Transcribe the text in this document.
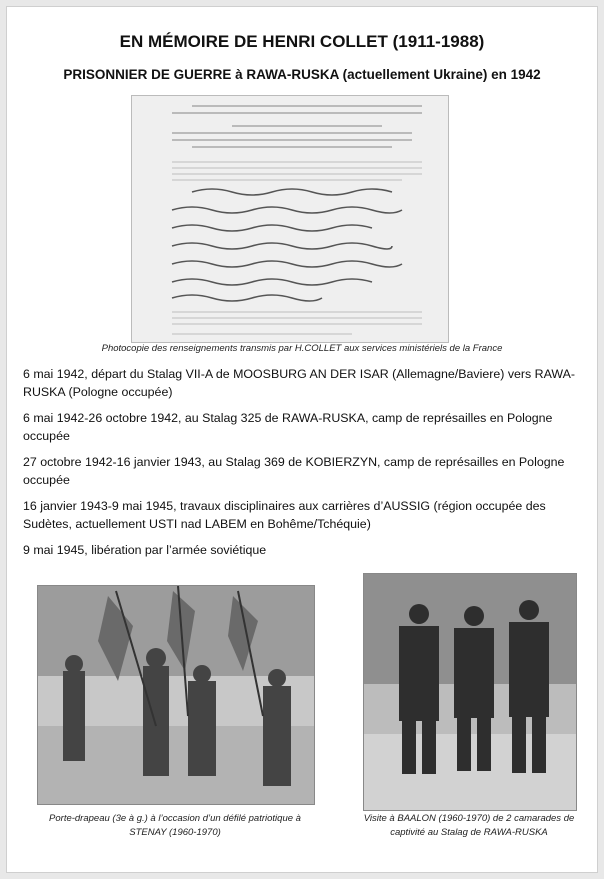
EN MÉMOIRE DE HENRI COLLET (1911-1988)
PRISONNIER DE GUERRE à RAWA-RUSKA (actuellement Ukraine) en 1942
Photocopie des renseignements transmis par H.COLLET aux services ministériels de la France

6 mai 1942, départ du Stalag VII-A de MOOSBURG AN DER ISAR (Allemagne/Baviere) vers RAWA-RUSKA (Pologne occupée)

6 mai 1942-26 octobre 1942, au Stalag 325 de RAWA-RUSKA, camp de représailles en Pologne occupée

27 octobre 1942-16 janvier 1943, au Stalag 369 de KOBIERZYN, camp de représailles en Pologne occupée

16 janvier 1943-9 mai 1945, travaux disciplinaires aux carrières d’AUSSIG (région occupée des Sudètes, actuellement USTI nad LABEM en Bohême/Tchéquie)

9 mai 1945, libération par l’armée soviétique

Porte-drapeau (3e à g.) à l’occasion d’un défilé patriotique à STENAY (1960-1970)
Visite à BAALON (1960-1970) de 2 camarades de captivité au Stalag de RAWA-RUSKA
